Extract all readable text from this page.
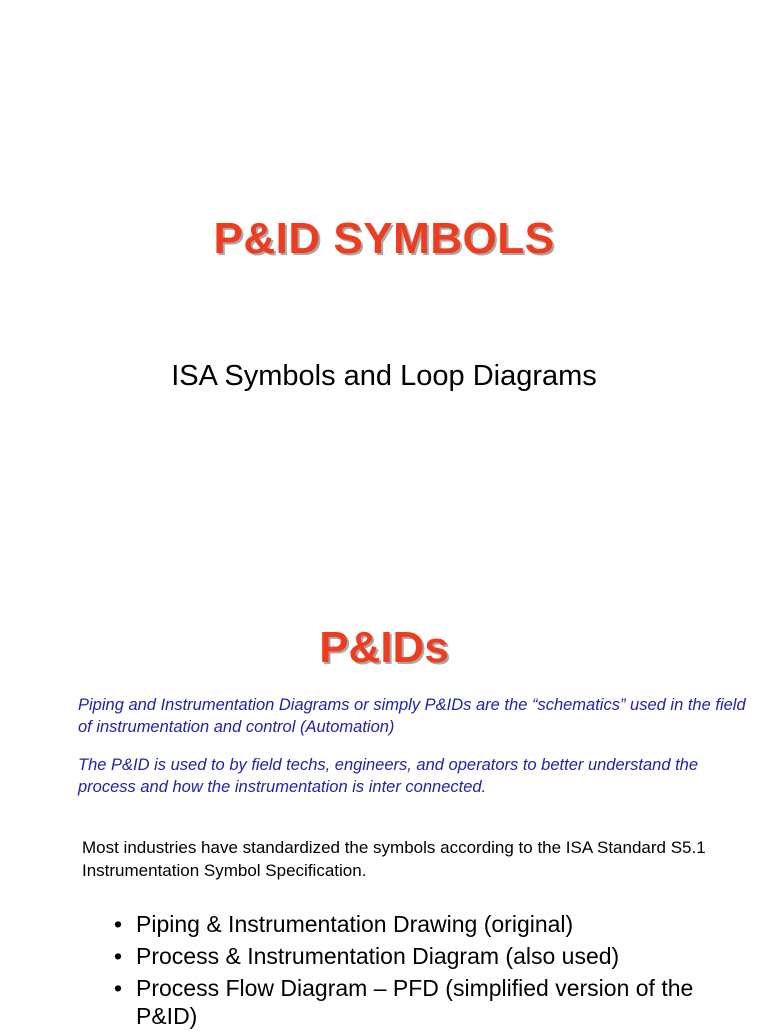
P&ID SYMBOLS
ISA Symbols and Loop Diagrams
P&IDs
Piping and Instrumentation Diagrams or simply P&IDs are the “schematics” used in the field of instrumentation and control (Automation)
The P&ID is used to by field techs, engineers, and operators to better understand the process and how the instrumentation is inter connected.
Most industries have standardized the symbols according to the ISA Standard S5.1 Instrumentation Symbol Specification.
• Piping & Instrumentation Drawing (original)
• Process & Instrumentation Diagram (also used)
• Process Flow Diagram – PFD (simplified version of the P&ID)
